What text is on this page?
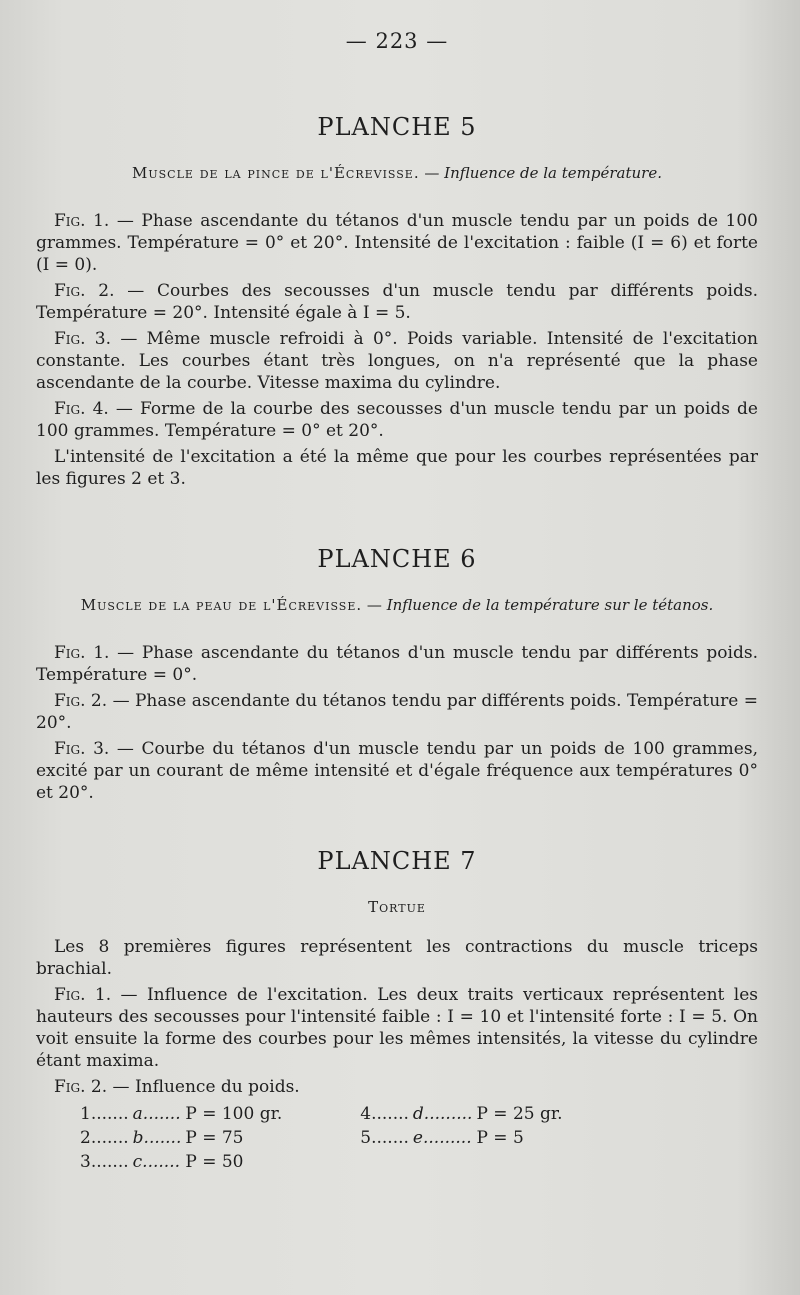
— 223 —
PLANCHE 5
Muscle de la pince de l'Écrevisse. — Influence de la température.

Fig. 1. — Phase ascendante du tétanos d'un muscle tendu par un poids de 100 grammes. Température = 0° et 20°. Intensité de l'excitation : faible (I = 6) et forte (I = 0).

Fig. 2. — Courbes des secousses d'un muscle tendu par différents poids. Température = 20°. Intensité égale à I = 5.

Fig. 3. — Même muscle refroidi à 0°. Poids variable. Intensité de l'excitation constante. Les courbes étant très longues, on n'a représenté que la phase ascendante de la courbe. Vitesse maxima du cylindre.

Fig. 4. — Forme de la courbe des secousses d'un muscle tendu par un poids de 100 grammes. Température = 0° et 20°.

L'intensité de l'excitation a été la même que pour les courbes représentées par les figures 2 et 3.

PLANCHE 6
Muscle de la peau de l'Écrevisse. — Influence de la température sur le tétanos.

Fig. 1. — Phase ascendante du tétanos d'un muscle tendu par différents poids. Température = 0°.

Fig. 2. — Phase ascendante du tétanos tendu par différents poids. Température = 20°.

Fig. 3. — Courbe du tétanos d'un muscle tendu par un poids de 100 grammes, excité par un courant de même intensité et d'égale fréquence aux températures 0° et 20°.

PLANCHE 7
Tortue

Les 8 premières figures représentent les contractions du muscle triceps brachial.

Fig. 1. — Influence de l'excitation. Les deux traits verticaux représentent les hauteurs des secousses pour l'intensité faible : I = 10 et l'intensité forte : I = 5. On voit ensuite la forme des courbes pour les mêmes intensités, la vitesse du cylindre étant maxima.

Fig. 2. — Influence du poids.

1.......	a.......	P = 100 gr.		4.......	d.........	P = 25 gr.
2.......	b.......	P = 75		5.......	e.........	P = 5
3.......	c.......	P = 50				
